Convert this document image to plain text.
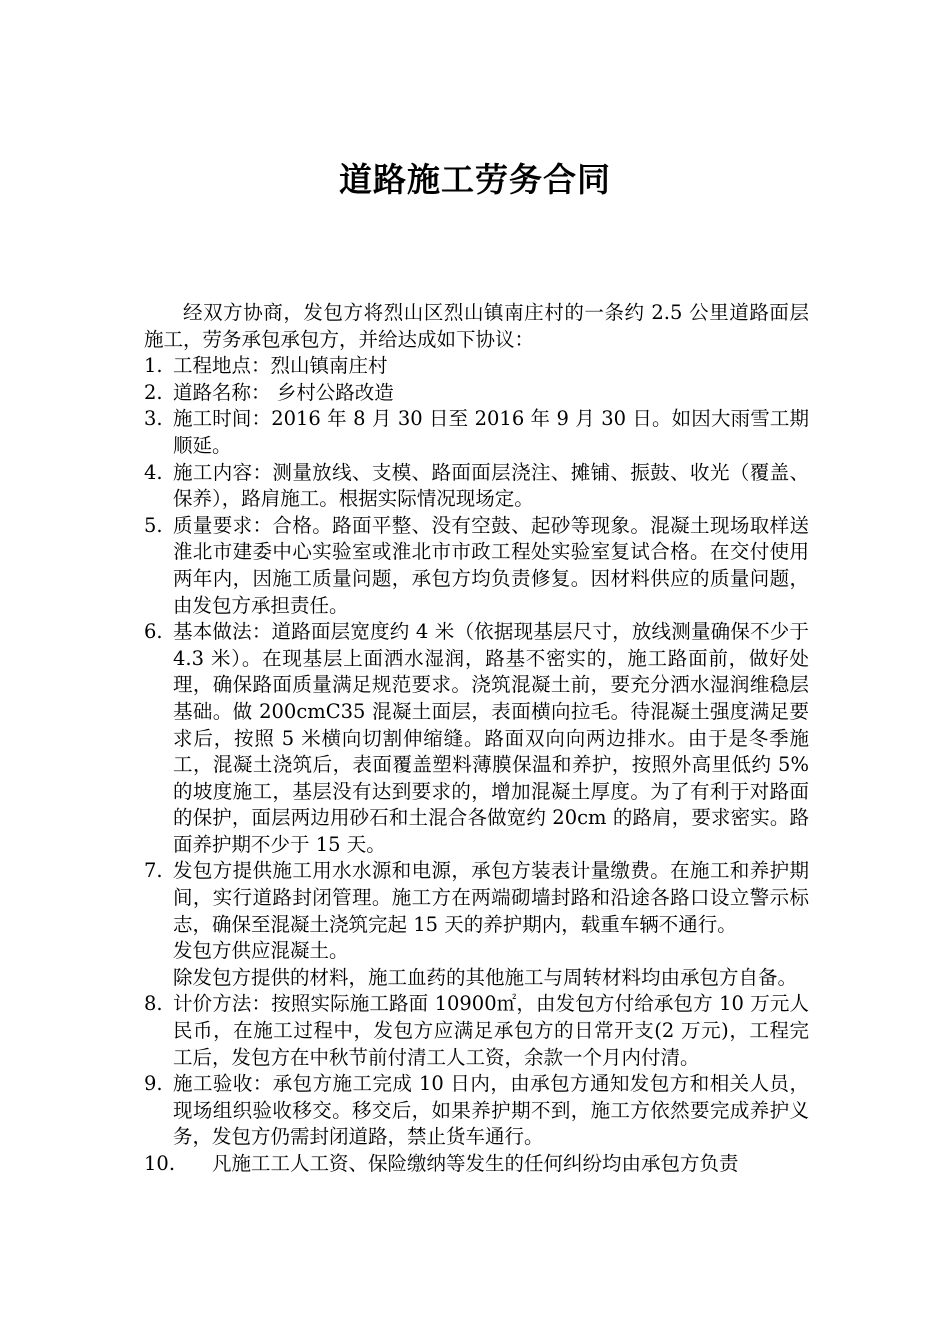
道路施工劳务合同

经双方协商，发包方将烈山区烈山镇南庄村的一条约 2.5 公里道路面层施工，劳务承包承包方，并给达成如下协议：

1. 工程地点：烈山镇南庄村
2. 道路名称： 乡村公路改造
3. 施工时间：2016 年 8 月 30 日至 2016 年 9 月 30 日。如因大雨雪工期顺延。
4. 施工内容：测量放线、支模、路面面层浇注、摊铺、振鼓、收光（覆盖、保养），路肩施工。根据实际情况现场定。
5. 质量要求：合格。路面平整、没有空鼓、起砂等现象。混凝土现场取样送淮北市建委中心实验室或淮北市市政工程处实验室复试合格。在交付使用两年内，因施工质量问题，承包方均负责修复。因材料供应的质量问题，由发包方承担责任。
6. 基本做法：道路面层宽度约 4 米（依据现基层尺寸，放线测量确保不少于 4.3 米）。在现基层上面洒水湿润，路基不密实的，施工路面前，做好处理，确保路面质量满足规范要求。浇筑混凝土前，要充分洒水湿润维稳层基础。做 200cmC35 混凝土面层，表面横向拉毛。待混凝土强度满足要求后，按照 5 米横向切割伸缩缝。路面双向向两边排水。由于是冬季施工，混凝土浇筑后，表面覆盖塑料薄膜保温和养护，按照外高里低约 5%的坡度施工，基层没有达到要求的，增加混凝土厚度。为了有利于对路面的保护，面层两边用砂石和土混合各做宽约 20cm 的路肩，要求密实。路面养护期不少于 15 天。
7. 发包方提供施工用水水源和电源，承包方装表计量缴费。在施工和养护期间，实行道路封闭管理。施工方在两端砌墙封路和沿途各路口设立警示标志，确保至混凝土浇筑完起 15 天的养护期内，载重车辆不通行。

发包方供应混凝土。

除发包方提供的材料，施工血药的其他施工与周转材料均由承包方自备。

8. 计价方法：按照实际施工路面 10900㎡，由发包方付给承包方 10 万元人民币，在施工过程中，发包方应满足承包方的日常开支(2 万元)，工程完工后，发包方在中秋节前付清工人工资，余款一个月内付清。
9. 施工验收：承包方施工完成 10 日内，由承包方通知发包方和相关人员，现场组织验收移交。移交后，如果养护期不到，施工方依然要完成养护义务，发包方仍需封闭道路，禁止货车通行。
10.	凡施工工人工资、保险缴纳等发生的任何纠纷均由承包方负责
